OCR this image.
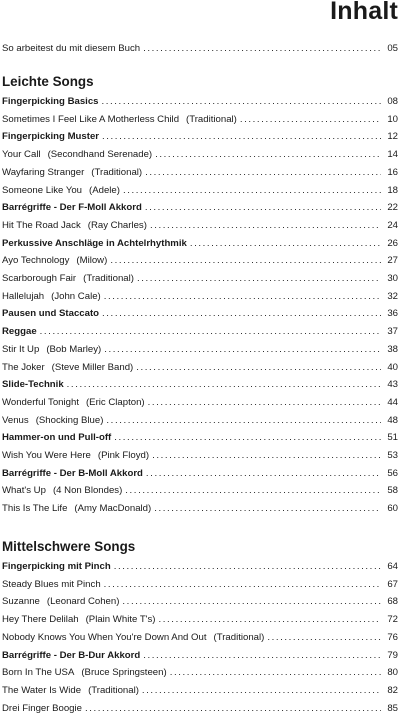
Inhalt
So arbeitest du mit diesem Buch .....	05
Leichte Songs
Fingerpicking Basics .....	08
Sometimes I Feel Like A Motherless Child (Traditional) .....	10
Fingerpicking Muster .....	12
Your Call (Secondhand Serenade) .....	14
Wayfaring Stranger (Traditional) .....	16
Someone Like You (Adele) .....	18
Barrégriffe - Der F-Moll Akkord .....	22
Hit The Road Jack (Ray Charles) .....	24
Perkussive Anschläge in Achtelrhythmik .....	26
Ayo Technology (Milow) .....	27
Scarborough Fair (Traditional) .....	30
Hallelujah (John Cale) .....	32
Pausen und Staccato .....	36
Reggae .....	37
Stir It Up (Bob Marley) .....	38
The Joker (Steve Miller Band) .....	40
Slide-Technik .....	43
Wonderful Tonight (Eric Clapton) .....	44
Venus (Shocking Blue) .....	48
Hammer-on und Pull-off .....	51
Wish You Were Here (Pink Floyd) .....	53
Barrégriffe - Der B-Moll Akkord .....	56
What's Up (4 Non Blondes) .....	58
This Is The Life (Amy MacDonald) .....	60
Mittelschwere Songs
Fingerpicking mit Pinch .....	64
Steady Blues mit Pinch .....	67
Suzanne (Leonard Cohen) .....	68
Hey There Delilah (Plain White T's) .....	72
Nobody Knows You When You're Down And Out (Traditional) .....	76
Barrégriffe - Der B-Dur Akkord .....	79
Born In The USA (Bruce Springsteen) .....	80
The Water Is Wide (Traditional) .....	82
Drei Finger Boogie .....	85
